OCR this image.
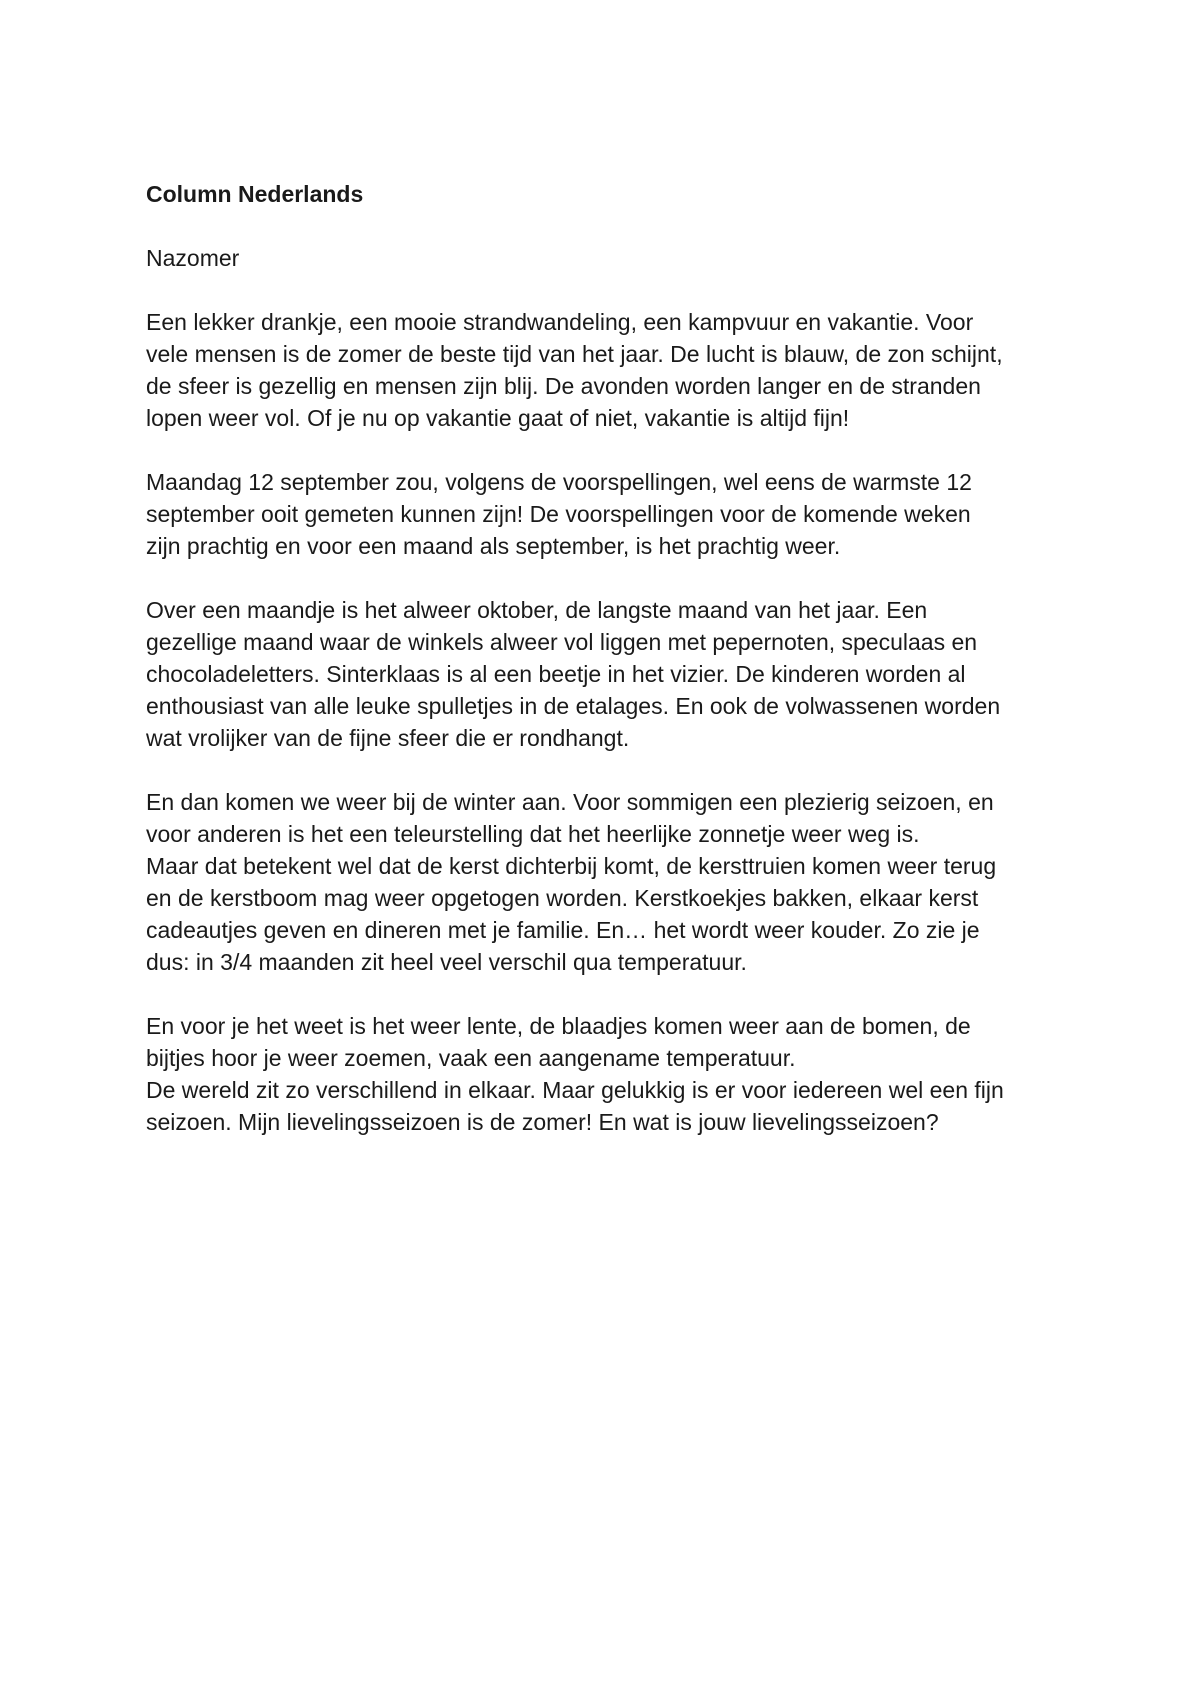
Column Nederlands
Nazomer
Een lekker drankje, een mooie strandwandeling, een kampvuur en vakantie. Voor
vele mensen is de zomer de beste tijd van het jaar. De lucht is blauw, de zon schijnt,
de sfeer is gezellig en mensen zijn blij. De avonden worden langer en de stranden
lopen weer vol. Of je nu op vakantie gaat of niet, vakantie is altijd fijn!
Maandag 12 september zou, volgens de voorspellingen, wel eens de warmste 12
september ooit gemeten kunnen zijn! De voorspellingen voor de komende weken
zijn prachtig en voor een maand als september, is het prachtig weer.
Over een maandje is het alweer oktober, de langste maand van het jaar. Een
gezellige maand waar de winkels alweer vol liggen met pepernoten, speculaas en
chocoladeletters. Sinterklaas is al een beetje in het vizier. De kinderen worden al
enthousiast van alle leuke spulletjes in de etalages. En ook de volwassenen worden
wat vrolijker van de fijne sfeer die er rondhangt.
En dan komen we weer bij de winter aan. Voor sommigen een plezierig seizoen, en
voor anderen is het een teleurstelling dat het heerlijke zonnetje weer weg is.
Maar dat betekent wel dat de kerst dichterbij komt, de kersttruien komen weer terug
en de kerstboom mag weer opgetogen worden. Kerstkoekjes bakken, elkaar kerst
cadeautjes geven en dineren met je familie. En… het wordt weer kouder. Zo zie je
dus: in 3/4 maanden zit heel veel verschil qua temperatuur.
En voor je het weet is het weer lente, de blaadjes komen weer aan de bomen, de
bijtjes hoor je weer zoemen, vaak een aangename temperatuur.
De wereld zit zo verschillend in elkaar. Maar gelukkig is er voor iedereen wel een fijn
seizoen. Mijn lievelingsseizoen is de zomer! En wat is jouw lievelingsseizoen?
